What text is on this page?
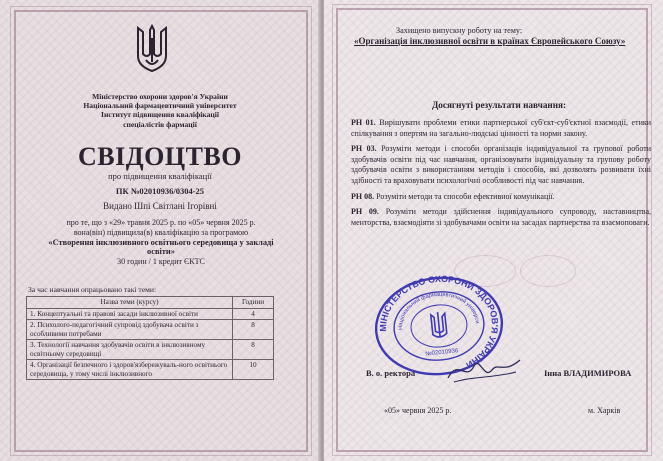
Міністерство охорони здоров'я України
Національний фармацевтичний університет
Інститут підвищення кваліфікації
спеціалістів фармації
СВІДОЦТВО
про підвищення кваліфікації
ПК №02010936/0304-25
Видано Шпі Світлані Ігорівні
про те, що з «29» травня 2025 р. по «05» червня 2025 р.
вона(він) підвищила(в) кваліфікацію за програмою
«Створення інклюзивного освітнього середовища у закладі освіти»
30 годин / 1 кредит ЄКТС
За час навчання опрацьовано такі теми:
Назва теми (курсу)	Години
1. Концептуальні та правові засади інклюзивної освіти	4
2. Психолого-педагогічний супровід здобувача освіти з особливими потребами	8
3. Технології навчання здобувачів освіти в інклюзивному освітньому середовищі	8
4. Організації безпечного і здоров'язбережуваль-ного освітнього середовища, у тому числі інклюзивного	10
Захищено випускну роботу на тему:
«Організація інклюзивної освіти в країнах Європейського Союзу»
Досягнуті результати навчання:

РН 01. Вирішувати проблеми етики партнерської суб'єкт-суб'єктної взаємодії, етики спілкування з опертям на загально-людські цінності та норми закону.

РН 03. Розуміти методи і способи організація індивідуальної та групової роботи здобувачів освіти під час навчання, організовувати індивідуальну та групову роботу здобувачів освіти з використанням методів і способів, які дозволять розвивати їхні здібності та враховувати психологічні особливості під час навчання.

РН 08. Розуміти методи та способи ефективної комунікації.

РН 09. Розуміти методи здійснення індивідуального супроводу, наставництва, менторства, взаємодіяти зі здобувачами освіти на засадах партнерства та взаємоповаги.

МІНІСТЕРСТВО ОХОРОНИ ЗДОРОВ'Я УКРАЇНИ
Національний фармацевтичний університет
№02010936
В. о. ректора	Інна ВЛАДИМИРОВА
«05» червня 2025 р.	м. Харків
